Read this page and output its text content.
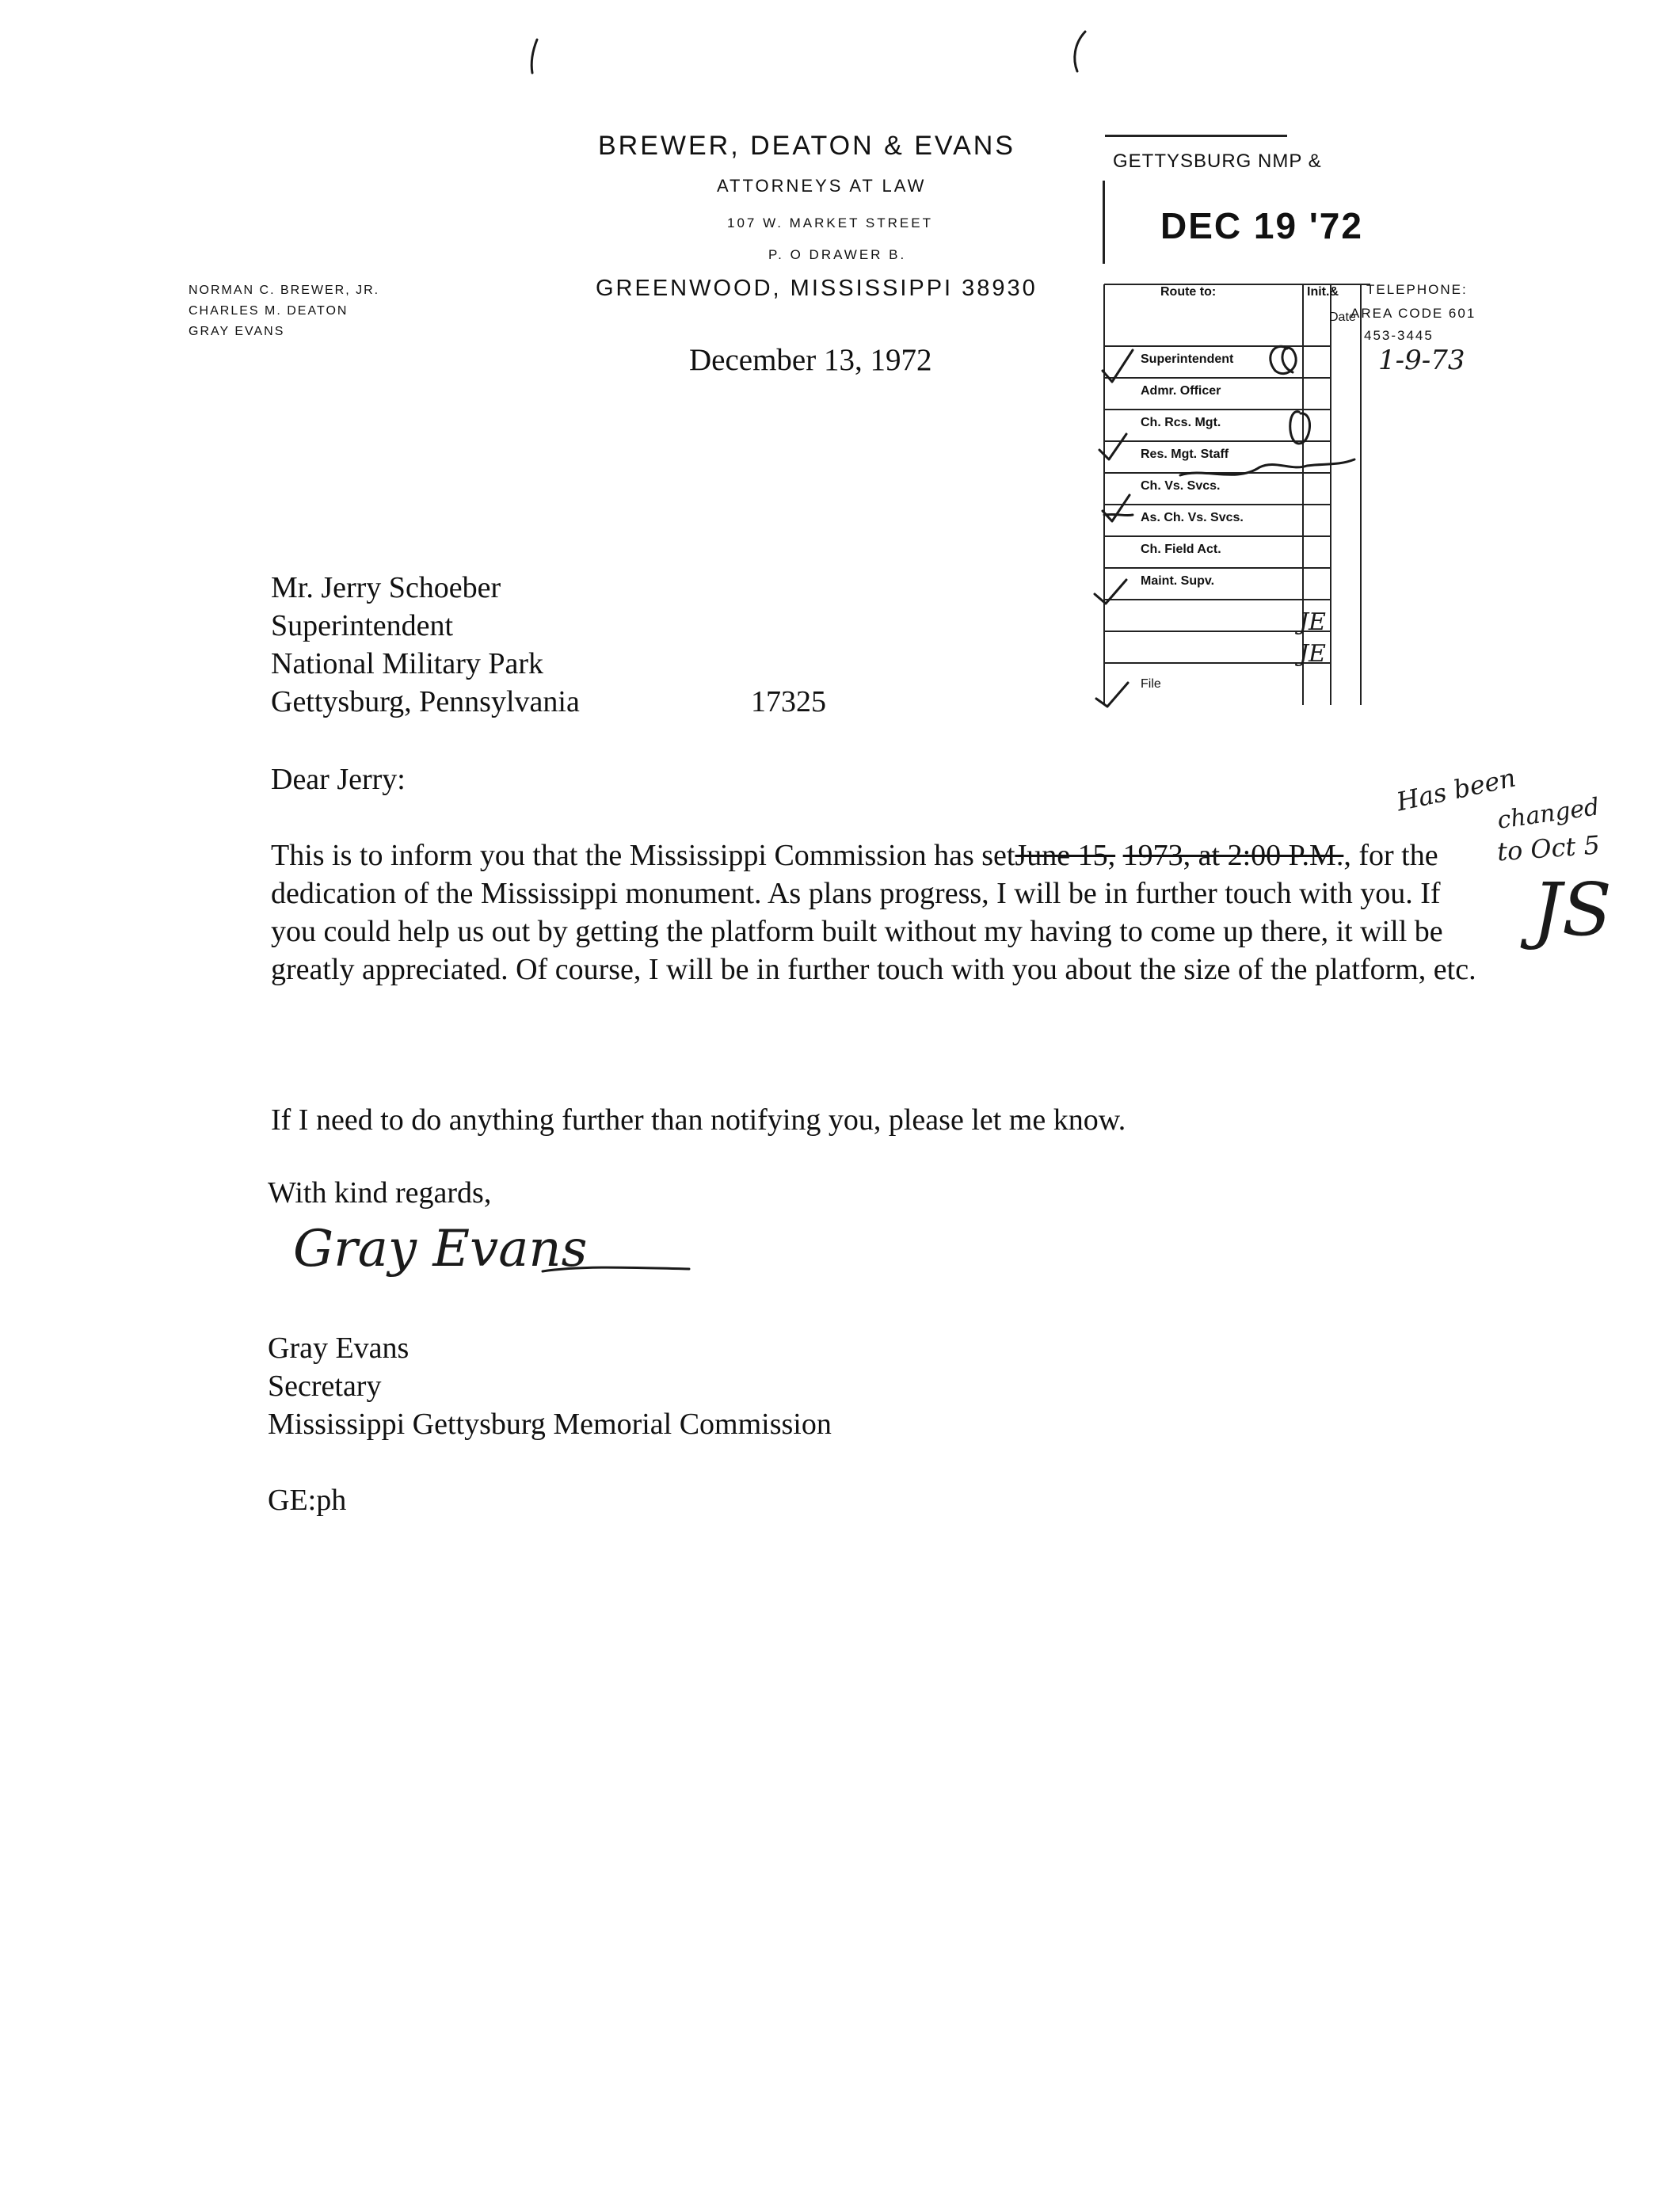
BREWER, DEATON & EVANS
ATTORNEYS AT LAW
107 W. MARKET STREET
P. O DRAWER B.
GREENWOOD, MISSISSIPPI 38930
NORMAN C. BREWER, JR.
CHARLES M. DEATON
GRAY EVANS
TELEPHONE:
AREA CODE 601
453-3445
GETTYSBURG NMP &
DEC 19 '72
Route to:	Init.&
Date
Superintendent
Admr. Officer
Ch. Rcs. Mgt.
Res. Mgt. Staff
Ch. Vs. Svcs.
As. Ch. Vs. Svcs.
Ch. Field Act.
Maint. Supv.
File
1-9-73
JE
JE
December 13, 1972
Mr. Jerry Schoeber
Superintendent
National Military Park
Gettysburg, Pennsylvania	17325
Dear Jerry:
This is to inform you that the Mississippi Commission has setJune 15, 1973, at 2:00 P.M., for the dedication of the Mississippi monument. As plans progress, I will be in further touch with you. If you could help us out by getting the platform built without my having to come up there, it will be greatly appreciated. Of course, I will be in further touch with you about the size of the platform, etc.
If I need to do anything further than notifying you, please let me know.
With kind regards,
Gray Evans
Gray Evans
Secretary
Mississippi Gettysburg Memorial Commission
GE:ph
Has been
changed
to Oct 5
JS
